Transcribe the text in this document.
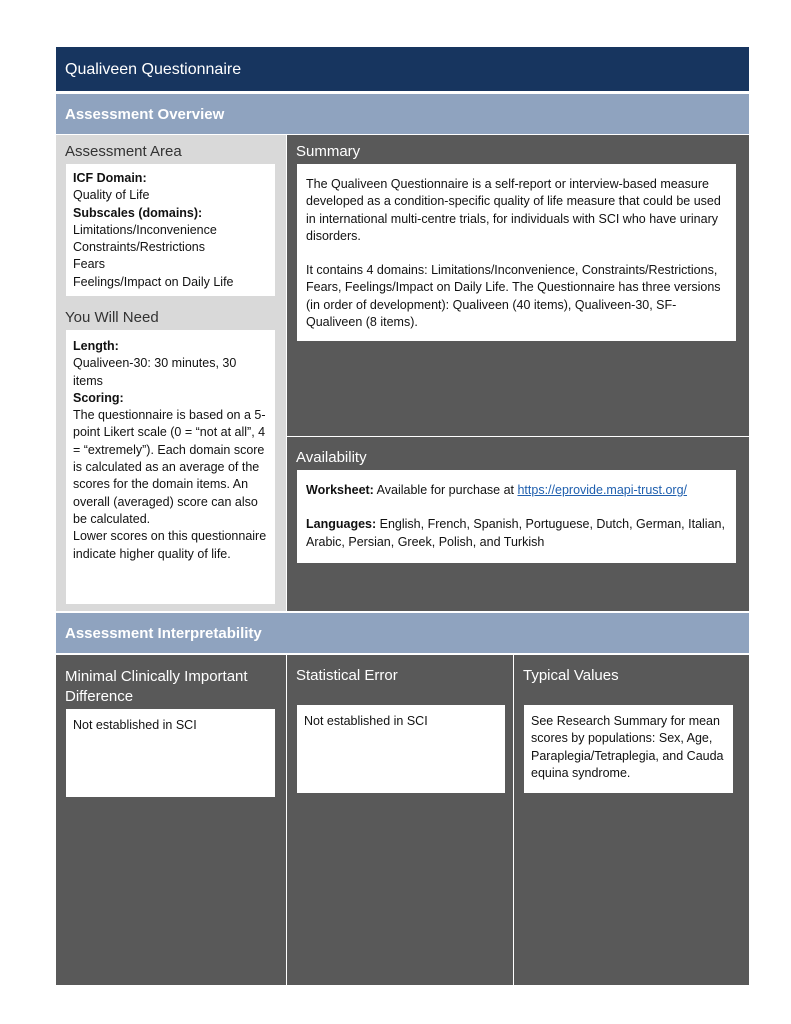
Qualiveen Questionnaire
Assessment Overview
Assessment Area

ICF Domain:

Quality of Life

Subscales (domains):

Limitations/Inconvenience

Constraints/Restrictions

Fears

Feelings/Impact on Daily Life

You Will Need

Length:

Qualiveen-30: 30 minutes, 30 items

Scoring:

The questionnaire is based on a 5-point Likert scale (0 = “not at all”, 4 = “extremely”). Each domain score is calculated as an average of the scores for the domain items. An overall (averaged) score can also be calculated.

Lower scores on this questionnaire indicate higher quality of life.

Summary

The Qualiveen Questionnaire is a self-report or interview-based measure developed as a condition-specific quality of life measure that could be used in international multi-centre trials, for individuals with SCI who have urinary disorders.

It contains 4 domains: Limitations/Inconvenience, Constraints/Restrictions, Fears, Feelings/Impact on Daily Life. The Questionnaire has three versions (in order of development): Qualiveen (40 items), Qualiveen-30, SF-Qualiveen (8 items).

Availability

Worksheet: Available for purchase at https://eprovide.mapi-trust.org/

Languages: English, French, Spanish, Portuguese, Dutch, German, Italian, Arabic, Persian, Greek, Polish, and Turkish

Assessment Interpretability
Minimal Clinically Important Difference

Not established in SCI

Statistical Error

Not established in SCI

Typical Values

See Research Summary for mean scores by populations: Sex, Age, Paraplegia/Tetraplegia, and Cauda equina syndrome.
